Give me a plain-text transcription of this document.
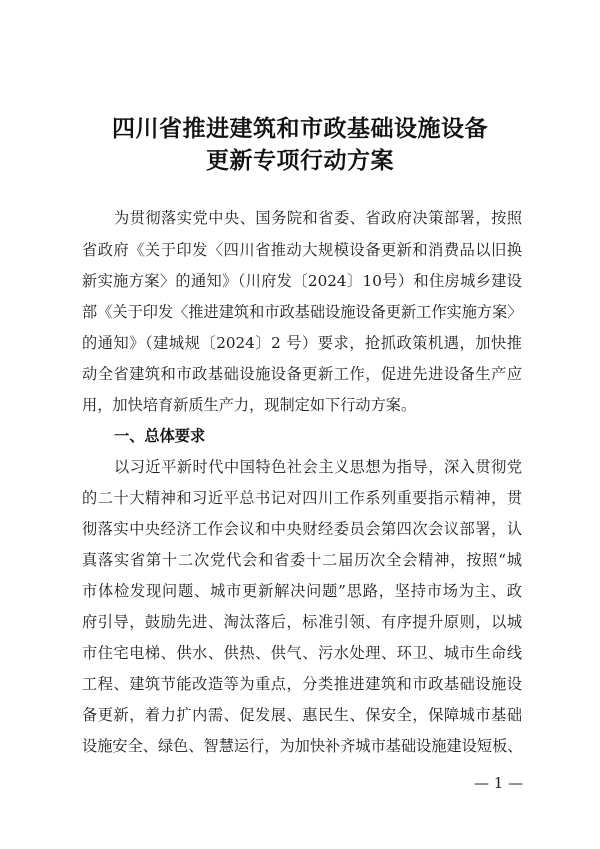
四川省推进建筑和市政基础设施设备
更新专项行动方案
为贯彻落实党中央、国务院和省委、省政府决策部署，按照
省政府《关于印发〈四川省推动大规模设备更新和消费品以旧换
新实施方案〉的通知》（川府发〔2024〕10号）和住房城乡建设
部《关于印发〈推进建筑和市政基础设施设备更新工作实施方案〉
的通知》（建城规〔2024〕2 号）要求，抢抓政策机遇，加快推
动全省建筑和市政基础设施设备更新工作，促进先进设备生产应
用，加快培育新质生产力，现制定如下行动方案。
一、总体要求
以习近平新时代中国特色社会主义思想为指导，深入贯彻党
的二十大精神和习近平总书记对四川工作系列重要指示精神，贯
彻落实中央经济工作会议和中央财经委员会第四次会议部署，认
真落实省第十二次党代会和省委十二届历次全会精神，按照“城
市体检发现问题、城市更新解决问题”思路，坚持市场为主、政
府引导，鼓励先进、淘汰落后，标准引领、有序提升原则，以城
市住宅电梯、供水、供热、供气、污水处理、环卫、城市生命线
工程、建筑节能改造等为重点，分类推进建筑和市政基础设施设
备更新，着力扩内需、促发展、惠民生、保安全，保障城市基础
设施安全、绿色、智慧运行，为加快补齐城市基础设施建设短板、
— 1 —
